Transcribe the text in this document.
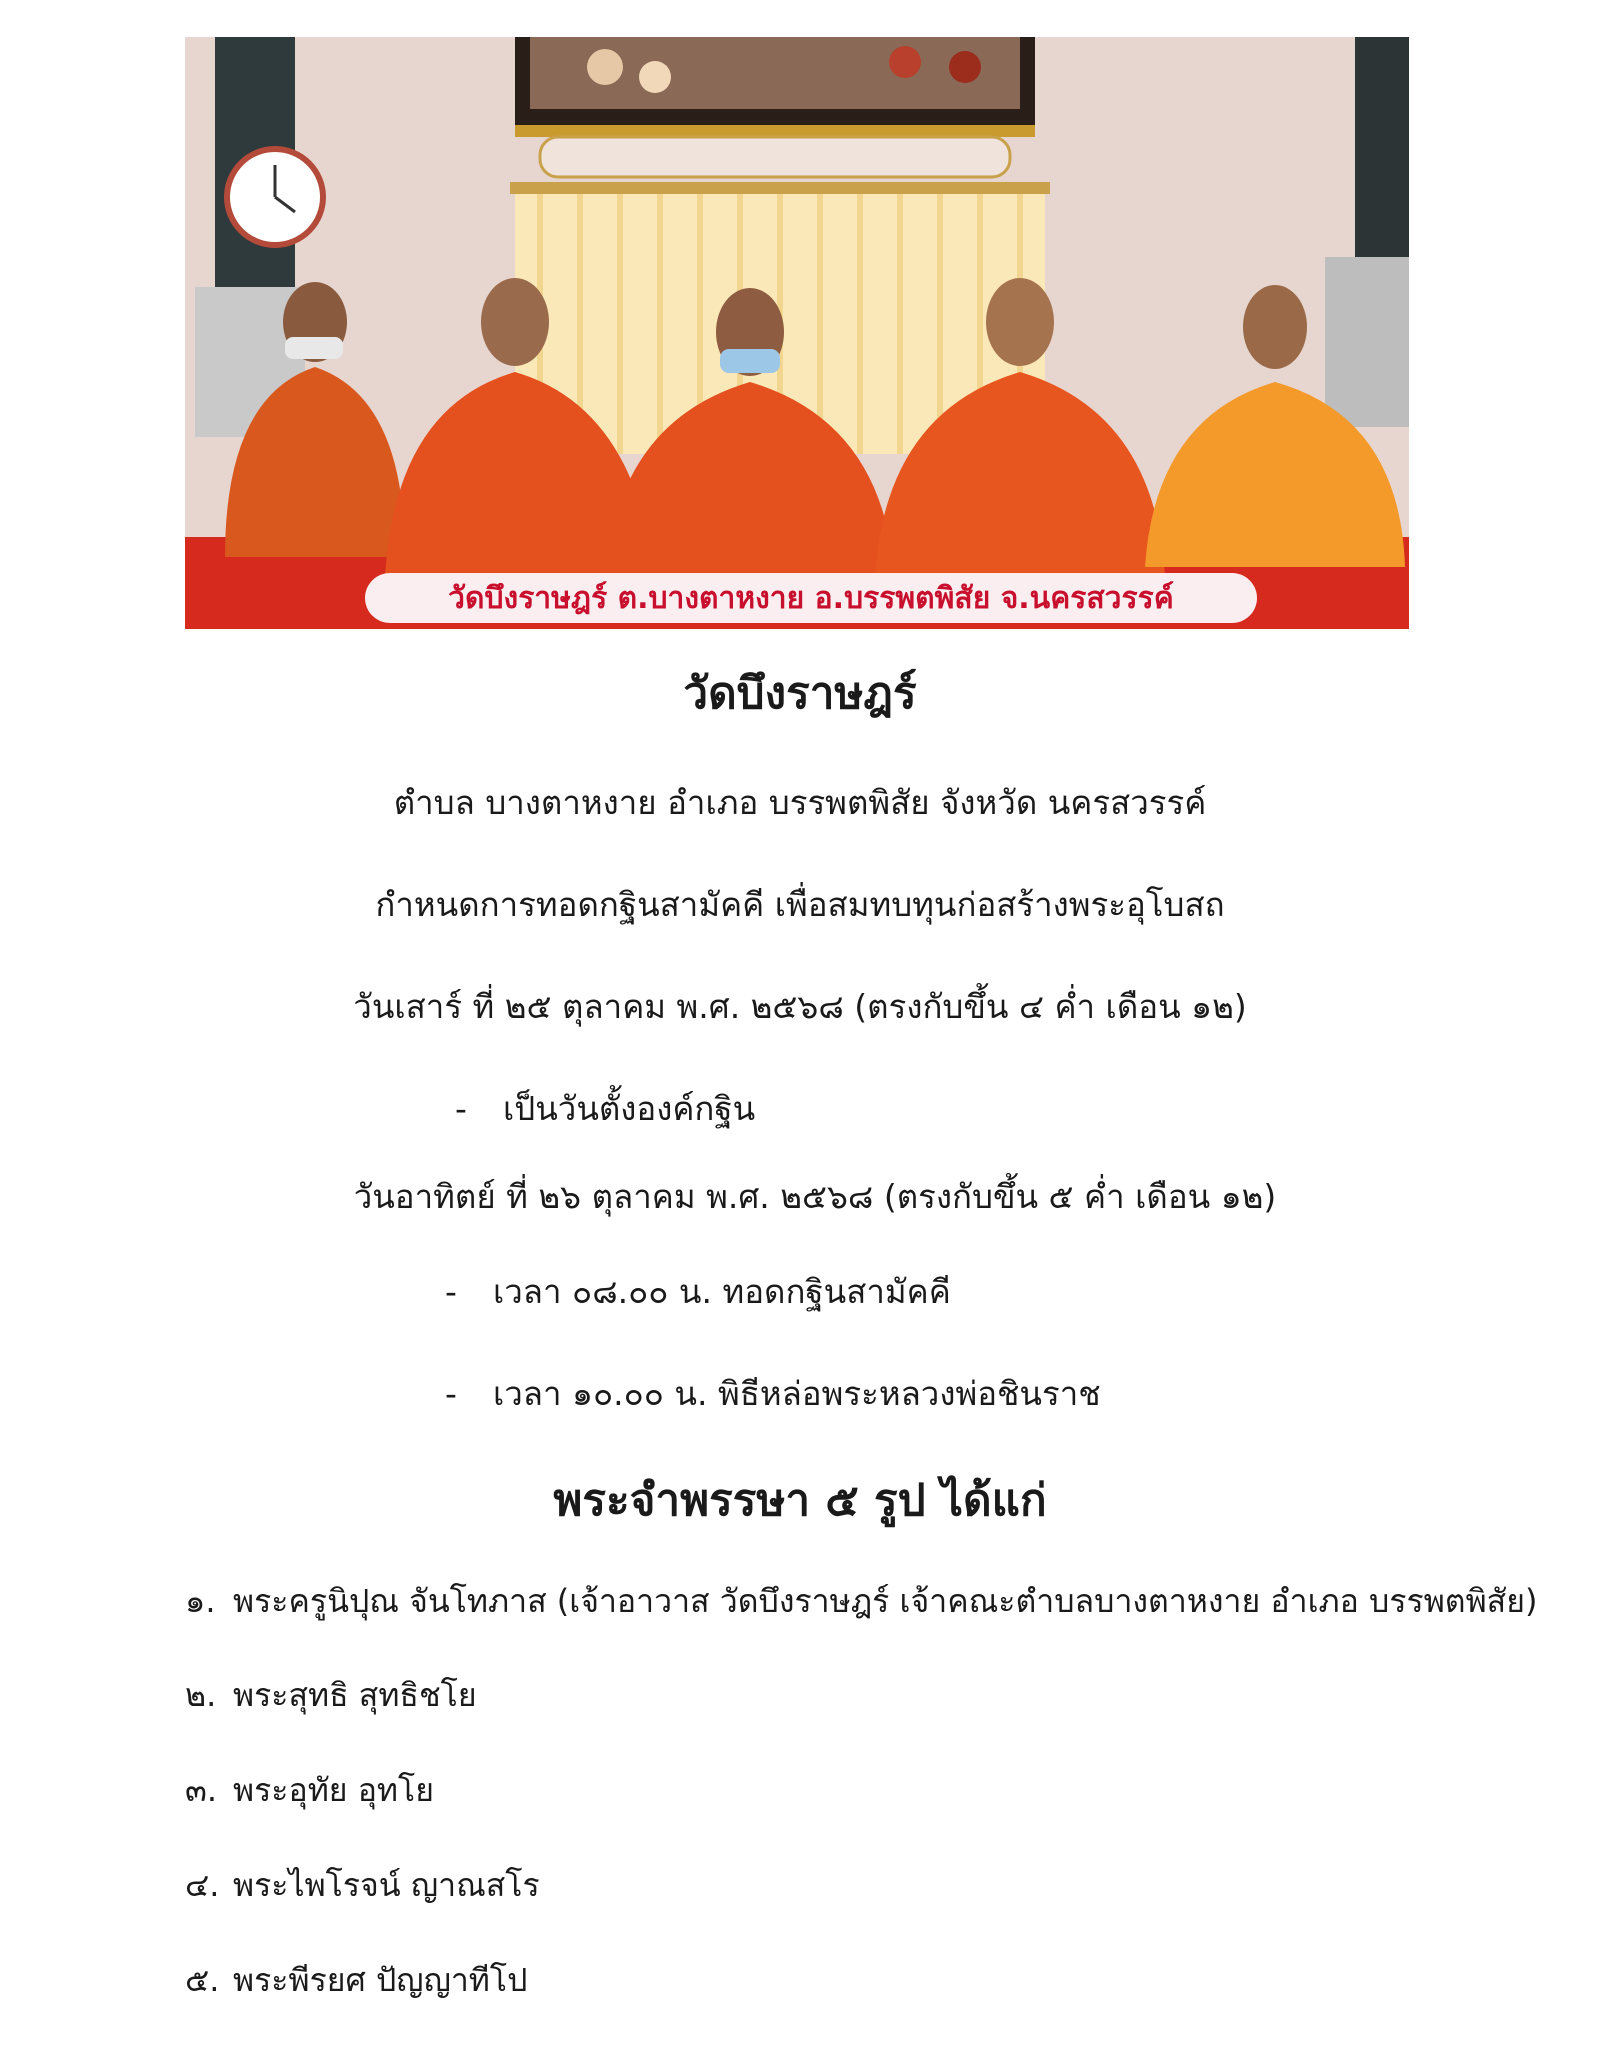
วัดบึงราษฎร์ ต.บางตาหงาย อ.บรรพตพิสัย จ.นครสวรรค์
วัดบึงราษฎร์
ตำบล บางตาหงาย อำเภอ บรรพตพิสัย จังหวัด นครสวรรค์
กำหนดการทอดกฐินสามัคคี เพื่อสมทบทุนก่อสร้างพระอุโบสถ
วันเสาร์ ที่ ๒๕ ตุลาคม พ.ศ. ๒๕๖๘ (ตรงกับขึ้น ๔ ค่ำ เดือน ๑๒)
- เป็นวันตั้งองค์กฐิน
วันอาทิตย์ ที่ ๒๖ ตุลาคม พ.ศ. ๒๕๖๘ (ตรงกับขึ้น ๕ ค่ำ เดือน ๑๒)
- เวลา ๐๘.๐๐ น. ทอดกฐินสามัคคี
- เวลา ๑๐.๐๐ น. พิธีหล่อพระหลวงพ่อชินราช
พระจำพรรษา ๕ รูป ได้แก่
๑. พระครูนิปุณ จันโทภาส (เจ้าอาวาส วัดบึงราษฎร์ เจ้าคณะตำบลบางตาหงาย อำเภอ บรรพตพิสัย)
๒. พระสุทธิ สุทธิชโย
๓. พระอุทัย อุทโย
๔. พระไพโรจน์ ญาณสโร
๕. พระพีรยศ ปัญญาทีโป
